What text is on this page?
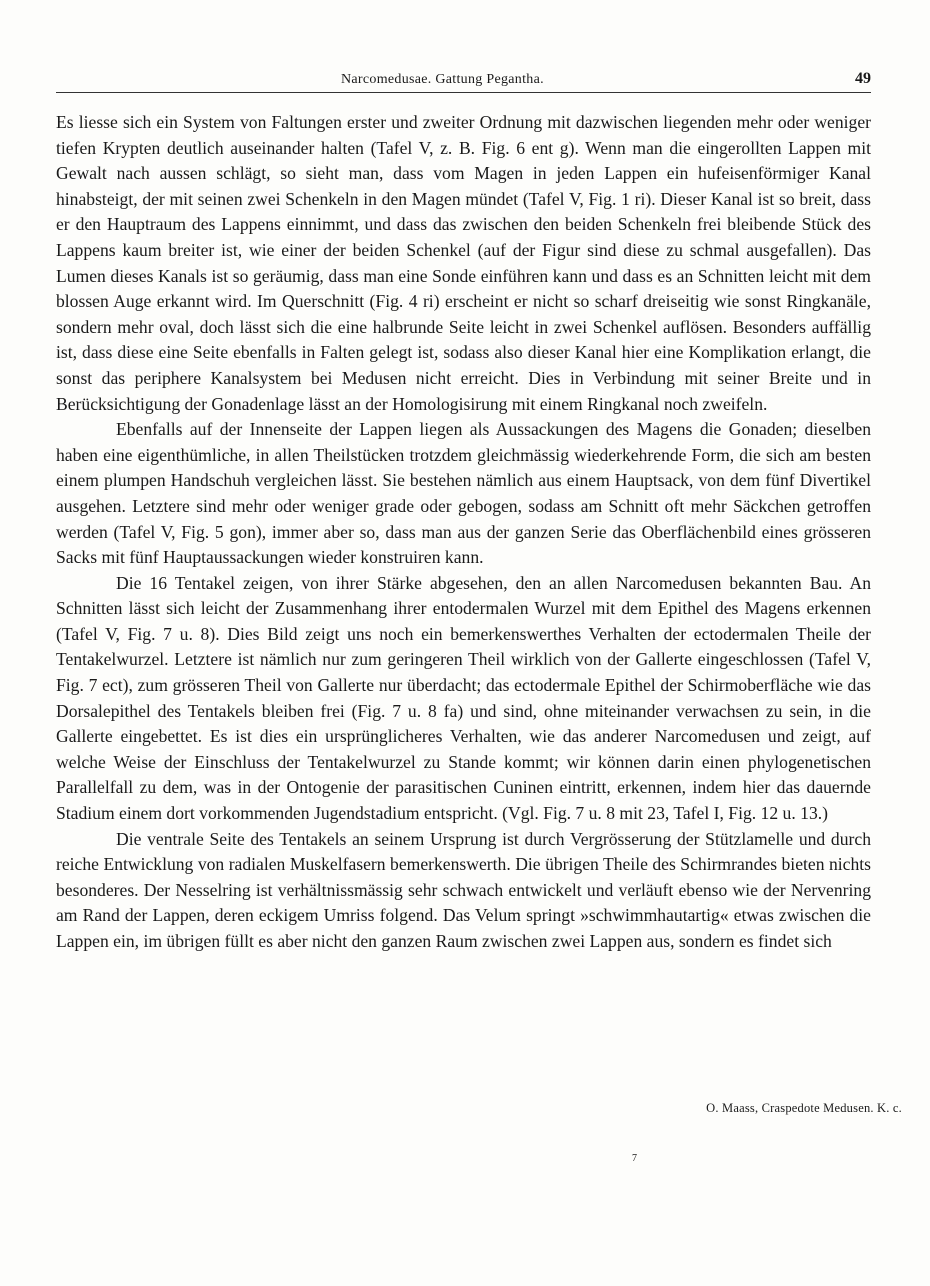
Narcomedusae. Gattung Pegantha.	49

Es liesse sich ein System von Faltungen erster und zweiter Ordnung mit dazwischen liegenden mehr oder weniger tiefen Krypten deutlich auseinander halten (Tafel V, z. B. Fig. 6 ent g). Wenn man die eingerollten Lappen mit Gewalt nach aussen schlägt, so sieht man, dass vom Magen in jeden Lappen ein hufeisenförmiger Kanal hinabsteigt, der mit seinen zwei Schenkeln in den Magen mündet (Tafel V, Fig. 1 ri). Dieser Kanal ist so breit, dass er den Hauptraum des Lappens einnimmt, und dass das zwischen den beiden Schenkeln frei bleibende Stück des Lappens kaum breiter ist, wie einer der beiden Schenkel (auf der Figur sind diese zu schmal ausgefallen). Das Lumen dieses Kanals ist so geräumig, dass man eine Sonde einführen kann und dass es an Schnitten leicht mit dem blossen Auge erkannt wird. Im Querschnitt (Fig. 4 ri) erscheint er nicht so scharf dreiseitig wie sonst Ringkanäle, sondern mehr oval, doch lässt sich die eine halbrunde Seite leicht in zwei Schenkel auflösen. Besonders auffällig ist, dass diese eine Seite ebenfalls in Falten gelegt ist, sodass also dieser Kanal hier eine Komplikation erlangt, die sonst das periphere Kanalsystem bei Medusen nicht erreicht. Dies in Verbindung mit seiner Breite und in Berücksichtigung der Gonadenlage lässt an der Homologisirung mit einem Ringkanal noch zweifeln.

Ebenfalls auf der Innenseite der Lappen liegen als Aussackungen des Magens die Gonaden; dieselben haben eine eigenthümliche, in allen Theilstücken trotzdem gleichmässig wiederkehrende Form, die sich am besten einem plumpen Handschuh vergleichen lässt. Sie bestehen nämlich aus einem Hauptsack, von dem fünf Divertikel ausgehen. Letztere sind mehr oder weniger grade oder gebogen, sodass am Schnitt oft mehr Säckchen getroffen werden (Tafel V, Fig. 5 gon), immer aber so, dass man aus der ganzen Serie das Oberflächenbild eines grösseren Sacks mit fünf Hauptaussackungen wieder konstruiren kann.

Die 16 Tentakel zeigen, von ihrer Stärke abgesehen, den an allen Narcomedusen bekannten Bau. An Schnitten lässt sich leicht der Zusammenhang ihrer entodermalen Wurzel mit dem Epithel des Magens erkennen (Tafel V, Fig. 7 u. 8). Dies Bild zeigt uns noch ein bemerkenswerthes Verhalten der ectodermalen Theile der Tentakelwurzel. Letztere ist nämlich nur zum geringeren Theil wirklich von der Gallerte eingeschlossen (Tafel V, Fig. 7 ect), zum grösseren Theil von Gallerte nur überdacht; das ectodermale Epithel der Schirmoberfläche wie das Dorsalepithel des Tentakels bleiben frei (Fig. 7 u. 8 fa) und sind, ohne miteinander verwachsen zu sein, in die Gallerte eingebettet. Es ist dies ein ursprünglicheres Verhalten, wie das anderer Narcomedusen und zeigt, auf welche Weise der Einschluss der Tentakelwurzel zu Stande kommt; wir können darin einen phylogenetischen Parallelfall zu dem, was in der Ontogenie der parasitischen Cuninen eintritt, erkennen, indem hier das dauernde Stadium einem dort vorkommenden Jugendstadium entspricht. (Vgl. Fig. 7 u. 8 mit 23, Tafel I, Fig. 12 u. 13.)

Die ventrale Seite des Tentakels an seinem Ursprung ist durch Vergrösserung der Stützlamelle und durch reiche Entwicklung von radialen Muskelfasern bemerkenswerth. Die übrigen Theile des Schirmrandes bieten nichts besonderes. Der Nesselring ist verhältnissmässig sehr schwach entwickelt und verläuft ebenso wie der Nervenring am Rand der Lappen, deren eckigem Umriss folgend. Das Velum springt »schwimmhautartig« etwas zwischen die Lappen ein, im übrigen füllt es aber nicht den ganzen Raum zwischen zwei Lappen aus, sondern es findet sich

O. Maass, Craspedote Medusen. K. c.
7
